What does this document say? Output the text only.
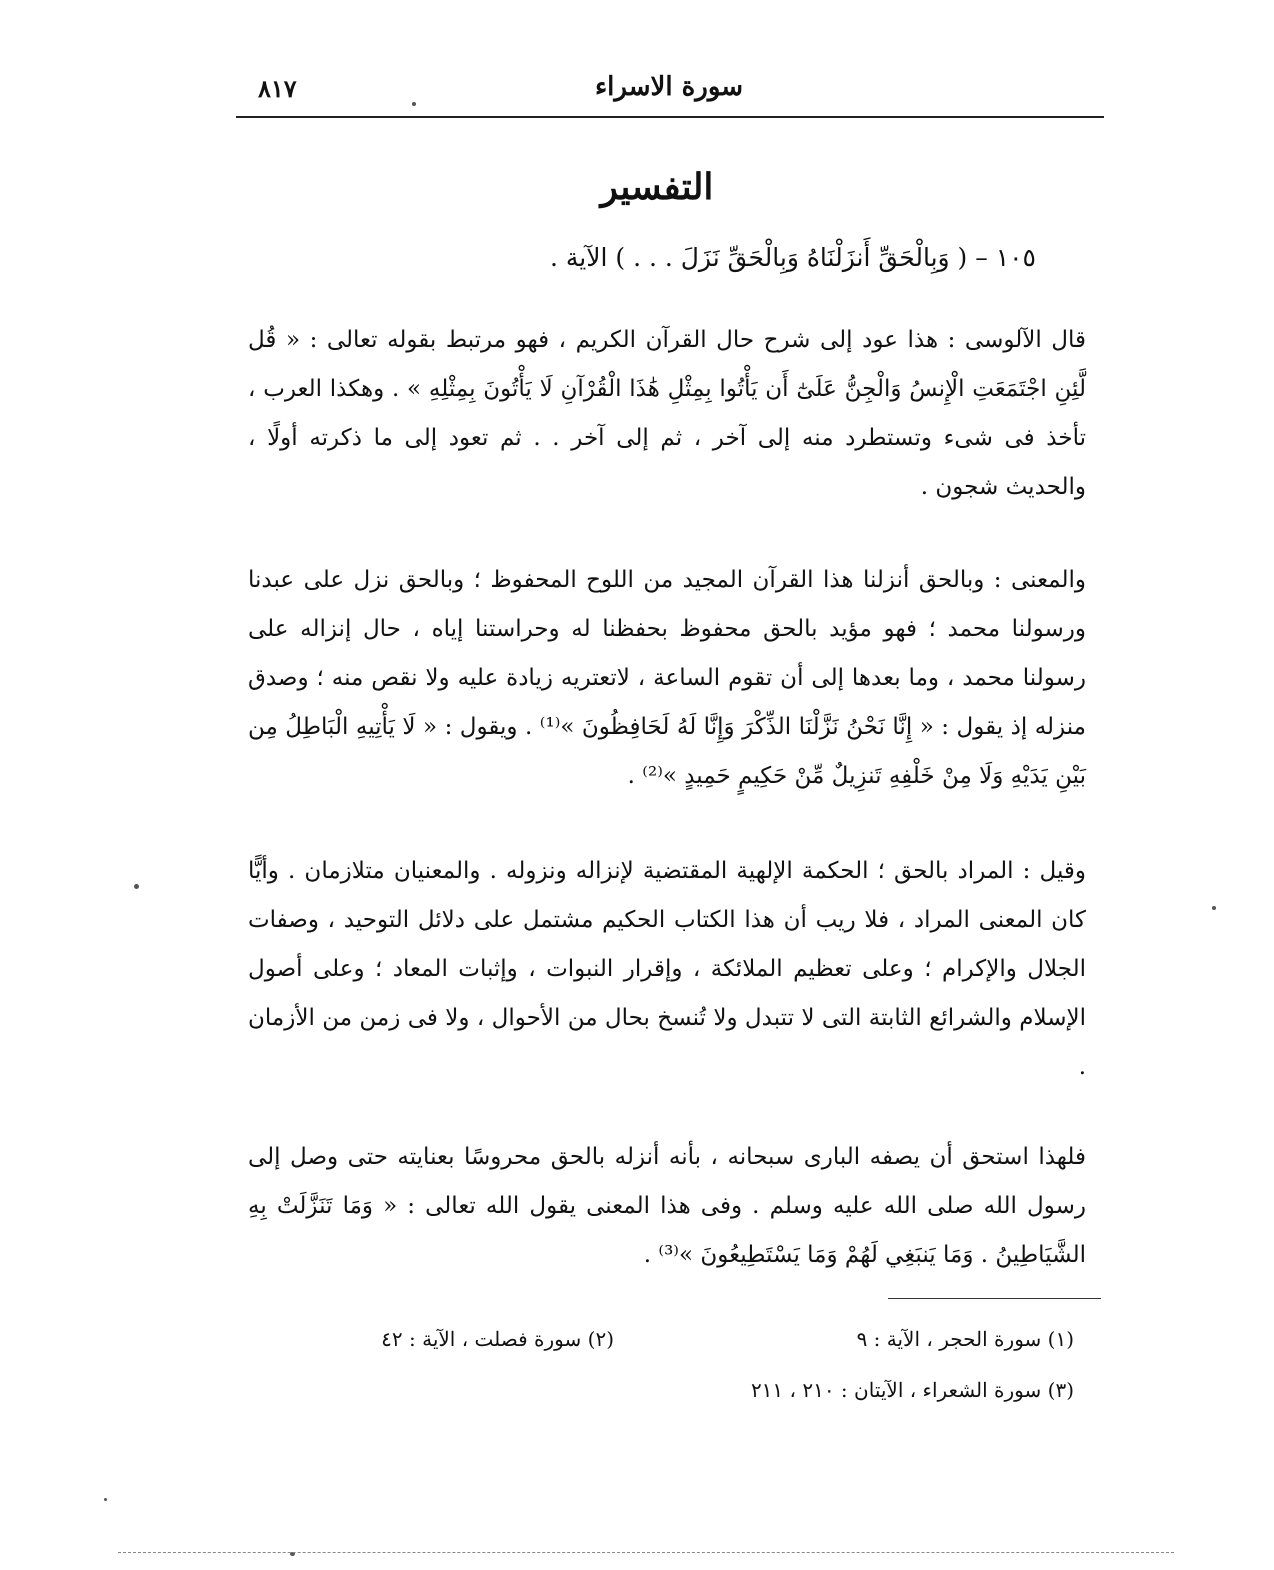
٨١٧	سورة الاسراء
التفسير
١٠٥ – ( وَبِالْحَقِّ أَنزَلْنَاهُ وَبِالْحَقِّ نَزَلَ . . . ) الآية .

قال الآلوسى : هذا عود إلى شرح حال القرآن الكريم ، فهو مرتبط بقوله تعالى : « قُل لَّئِنِ اجْتَمَعَتِ الْإِنسُ وَالْجِنُّ عَلَىٰٓ أَن يَأْتُوا بِمِثْلِ هَٰذَا الْقُرْآنِ لَا يَأْتُونَ بِمِثْلِهِ » . وهكذا العرب ، تأخذ فى شىء وتستطرد منه إلى آخر ، ثم إلى آخر . . ثم تعود إلى ما ذكرته أولًا ، والحديث شجون .

والمعنى : وبالحق أنزلنا هذا القرآن المجيد من اللوح المحفوظ ؛ وبالحق نزل على عبدنا ورسولنا محمد ؛ فهو مؤيد بالحق محفوظ بحفظنا له وحراستنا إياه ، حال إنزاله على رسولنا محمد ، وما بعدها إلى أن تقوم الساعة ، لاتعتريه زيادة عليه ولا نقص منه ؛ وصدق منزله إذ يقول : « إِنَّا نَحْنُ نَزَّلْنَا الذِّكْرَ وَإِنَّا لَهُ لَحَافِظُونَ »⁽¹⁾ . ويقول : « لَا يَأْتِيهِ الْبَاطِلُ مِن بَيْنِ يَدَيْهِ وَلَا مِنْ خَلْفِهِ تَنزِيلٌ مِّنْ حَكِيمٍ حَمِيدٍ »⁽²⁾ .

وقيل : المراد بالحق ؛ الحكمة الإلهية المقتضية لإنزاله ونزوله . والمعنيان متلازمان . وأيًّا كان المعنى المراد ، فلا ريب أن هذا الكتاب الحكيم مشتمل على دلائل التوحيد ، وصفات الجلال والإكرام ؛ وعلى تعظيم الملائكة ، وإقرار النبوات ، وإثبات المعاد ؛ وعلى أصول الإسلام والشرائع الثابتة التى لا تتبدل ولا تُنسخ بحال من الأحوال ، ولا فى زمن من الأزمان .

فلهذا استحق أن يصفه البارى سبحانه ، بأنه أنزله بالحق محروسًا بعنايته حتى وصل إلى رسول الله صلى الله عليه وسلم . وفى هذا المعنى يقول الله تعالى : « وَمَا تَنَزَّلَتْ بِهِ الشَّيَاطِينُ . وَمَا يَنبَغِي لَهُمْ وَمَا يَسْتَطِيعُونَ »⁽³⁾ .

(١) سورة الحجر ، الآية : ٩
(٢) سورة فصلت ، الآية : ٤٢
(٣) سورة الشعراء ، الآيتان : ٢١٠ ، ٢١١
